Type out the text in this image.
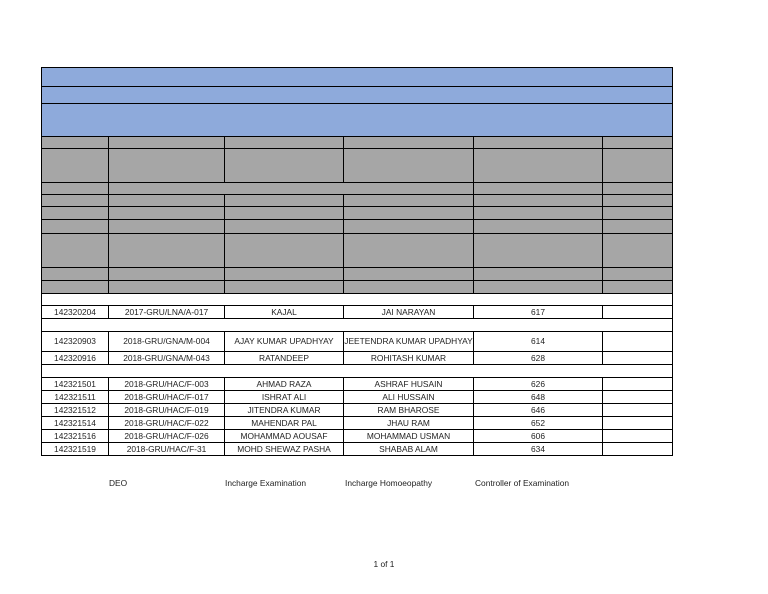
142320204	2017-GRU/LNA/A-017	KAJAL	JAI NARAYAN	617	

142320903	2018-GRU/GNA/M-004	AJAY KUMAR UPADHYAY	JEETENDRA KUMAR UPADHYAY	614	
142320916	2018-GRU/GNA/M-043	RATANDEEP	ROHITASH KUMAR	628	

142321501	2018-GRU/HAC/F-003	AHMAD RAZA	ASHRAF HUSAIN	626	
142321511	2018-GRU/HAC/F-017	ISHRAT ALI	ALI HUSSAIN	648	
142321512	2018-GRU/HAC/F-019	JITENDRA KUMAR	RAM BHAROSE	646	
142321514	2018-GRU/HAC/F-022	MAHENDAR PAL	JHAU RAM	652	
142321516	2018-GRU/HAC/F-026	MOHAMMAD AOUSAF	MOHAMMAD USMAN	606	
142321519	2018-GRU/HAC/F-31	MOHD SHEWAZ PASHA	SHABAB ALAM	634	
DEO	Incharge Examination	Incharge Homoeopathy	Controller of Examination
1 of 1
